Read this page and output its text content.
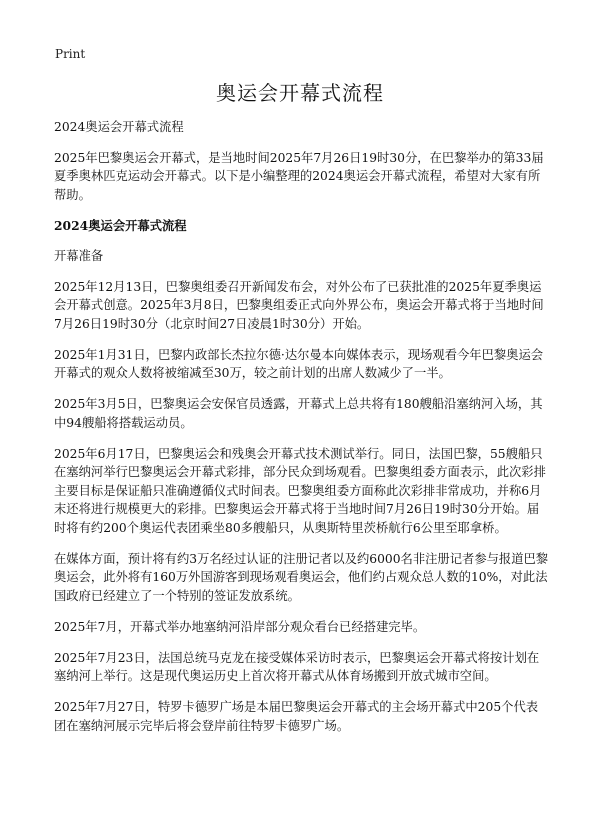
Print
奥运会开幕式流程

2024奥运会开幕式流程

2025年巴黎奥运会开幕式，是当地时间2025年7月26日19时30分，在巴黎举办的第33届夏季奥林匹克运动会开幕式。以下是小编整理的2024奥运会开幕式流程，希望对大家有所帮助。

2024奥运会开幕式流程

开幕准备

2025年12月13日，巴黎奥组委召开新闻发布会，对外公布了已获批准的2025年夏季奥运会开幕式创意。2025年3月8日，巴黎奥组委正式向外界公布，奥运会开幕式将于当地时间7月26日19时30分（北京时间27日凌晨1时30分）开始。

2025年1月31日，巴黎内政部长杰拉尔德·达尔曼本向媒体表示，现场观看今年巴黎奥运会开幕式的观众人数将被缩减至30万，较之前计划的出席人数减少了一半。

2025年3月5日，巴黎奥运会安保官员透露，开幕式上总共将有180艘船沿塞纳河入场，其中94艘船将搭载运动员。

2025年6月17日，巴黎奥运会和残奥会开幕式技术测试举行。同日，法国巴黎，55艘船只在塞纳河举行巴黎奥运会开幕式彩排，部分民众到场观看。巴黎奥组委方面表示，此次彩排主要目标是保证船只准确遵循仪式时间表。巴黎奥组委方面称此次彩排非常成功，并称6月末还将进行规模更大的彩排。巴黎奥运会开幕式将于当地时间7月26日19时30分开始。届时将有约200个奥运代表团乘坐80多艘船只，从奥斯特里茨桥航行6公里至耶拿桥。

在媒体方面，预计将有约3万名经过认证的注册记者以及约6000名非注册记者参与报道巴黎奥运会，此外将有160万外国游客到现场观看奥运会，他们约占观众总人数的10%，对此法国政府已经建立了一个特别的签证发放系统。

2025年7月，开幕式举办地塞纳河沿岸部分观众看台已经搭建完毕。

2025年7月23日，法国总统马克龙在接受媒体采访时表示，巴黎奥运会开幕式将按计划在塞纳河上举行。这是现代奥运历史上首次将开幕式从体育场搬到开放式城市空间。

2025年7月27日，特罗卡德罗广场是本届巴黎奥运会开幕式的主会场开幕式中205个代表团在塞纳河展示完毕后将会登岸前往特罗卡德罗广场。
